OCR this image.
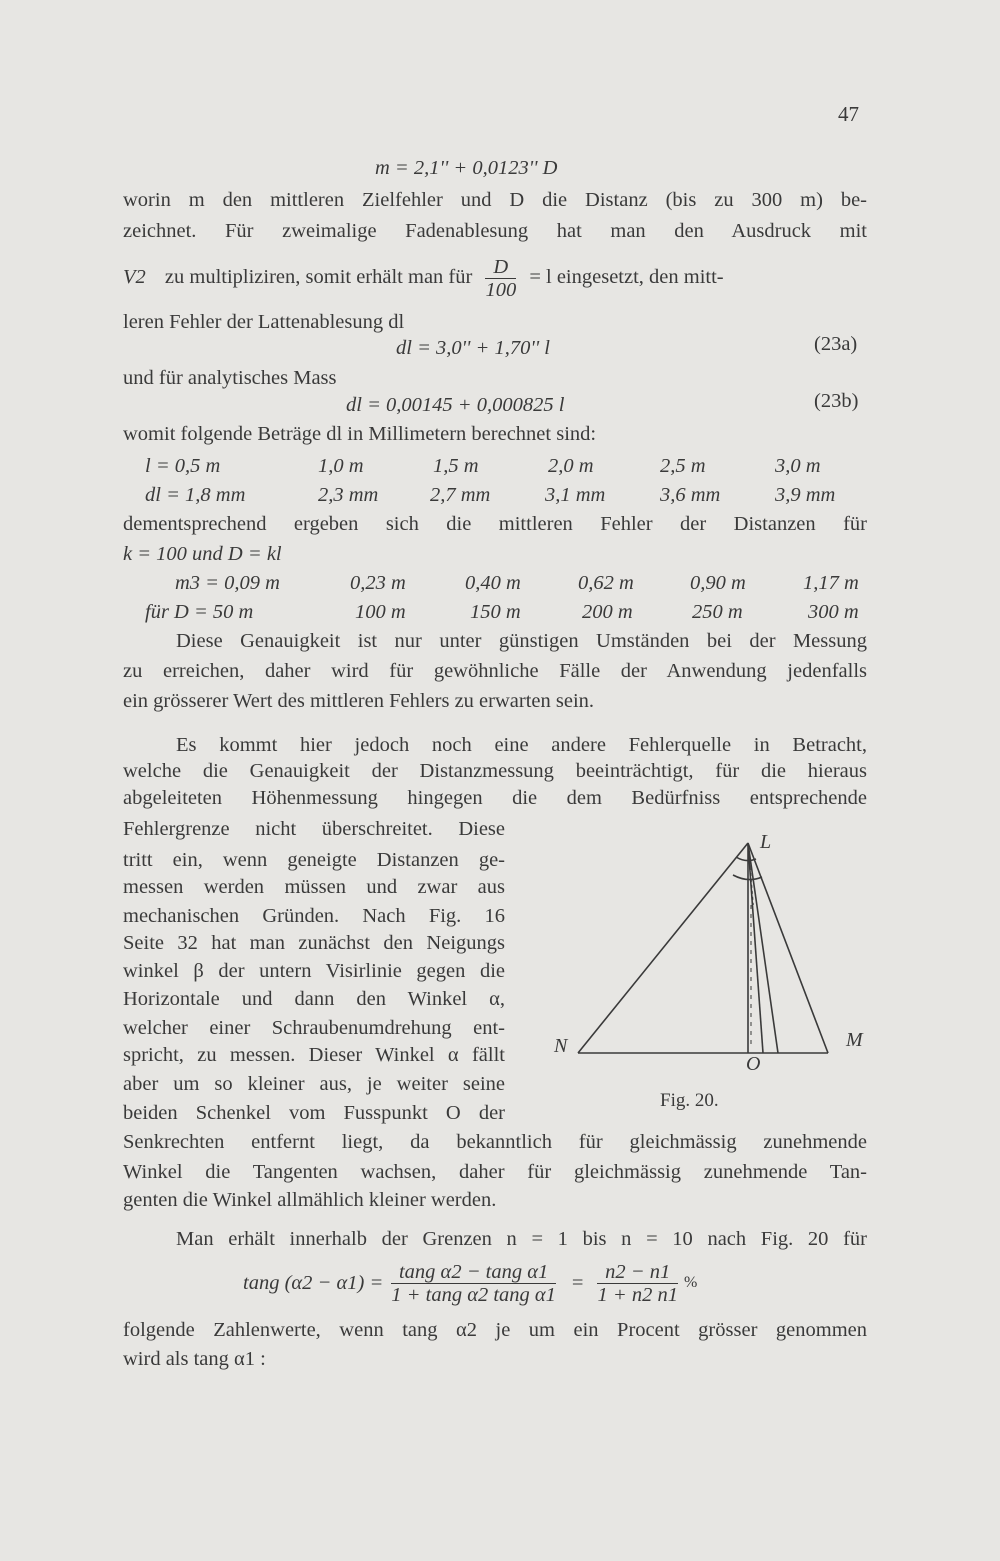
47
m = 2,1'' + 0,0123'' D
worin m den mittleren Zielfehler und D die Distanz (bis zu 300 m) be-
zeichnet. Für zweimalige Fadenablesung hat man den Ausdruck mit
V2 zu multipliziren, somit erhält man für $\frac{D}{100} = l$ eingesetzt, den mitt-
leren Fehler der Lattenablesung dl
dl = 3,0'' + 1,70'' l	(23a)
und für analytisches Mass
dl = 0,00145 + 0,000825 l	(23b)
womit folgende Beträge dl in Millimetern berechnet sind:
l = 0,5 m	1,0 m	1,5 m	2,0 m	2,5 m	3,0 m
dl = 1,8 mm	2,3 mm	2,7 mm	3,1 mm	3,6 mm	3,9 mm
dementsprechend ergeben sich die mittleren Fehler der Distanzen für
k = 100 und D = kl
m3 = 0,09 m	0,23 m	0,40 m	0,62 m	0,90 m	1,17 m
für D = 50 m	100 m	150 m	200 m	250 m	300 m
Diese Genauigkeit ist nur unter günstigen Umständen bei der Messung
zu erreichen, daher wird für gewöhnliche Fälle der Anwendung jedenfalls
ein grösserer Wert des mittleren Fehlers zu erwarten sein.
Es kommt hier jedoch noch eine andere Fehlerquelle in Betracht,
welche die Genauigkeit der Distanzmessung beeinträchtigt, für die hieraus
abgeleiteten Höhenmessung hingegen die dem Bedürfniss entsprechende
Fehlergrenze nicht überschreitet. Diese
tritt ein, wenn geneigte Distanzen ge-
messen werden müssen und zwar aus
mechanischen Gründen. Nach Fig. 16
Seite 32 hat man zunächst den Neigungs
winkel β der untern Visirlinie gegen die
Horizontale und dann den Winkel α,
welcher einer Schraubenumdrehung ent-
spricht, zu messen. Dieser Winkel α fällt
aber um so kleiner aus, je weiter seine
beiden Schenkel vom Fusspunkt O der
L
N	M
O
Fig. 20.
Senkrechten entfernt liegt, da bekanntlich für gleichmässig zunehmende
Winkel die Tangenten wachsen, daher für gleichmässig zunehmende Tan-
genten die Winkel allmählich kleiner werden.
Man erhält innerhalb der Grenzen n = 1 bis n = 10 nach Fig. 20 für
tang $(\alpha 2 - \alpha 1) = \frac{\text{tang α2 − tang α1}}{\text{1 + tang α2 tang α1}} = \frac{n2 - n1}{1 + n2 n1}$ %
folgende Zahlenwerte, wenn tang α2 je um ein Procent grösser genommen
wird als tang α1 :
